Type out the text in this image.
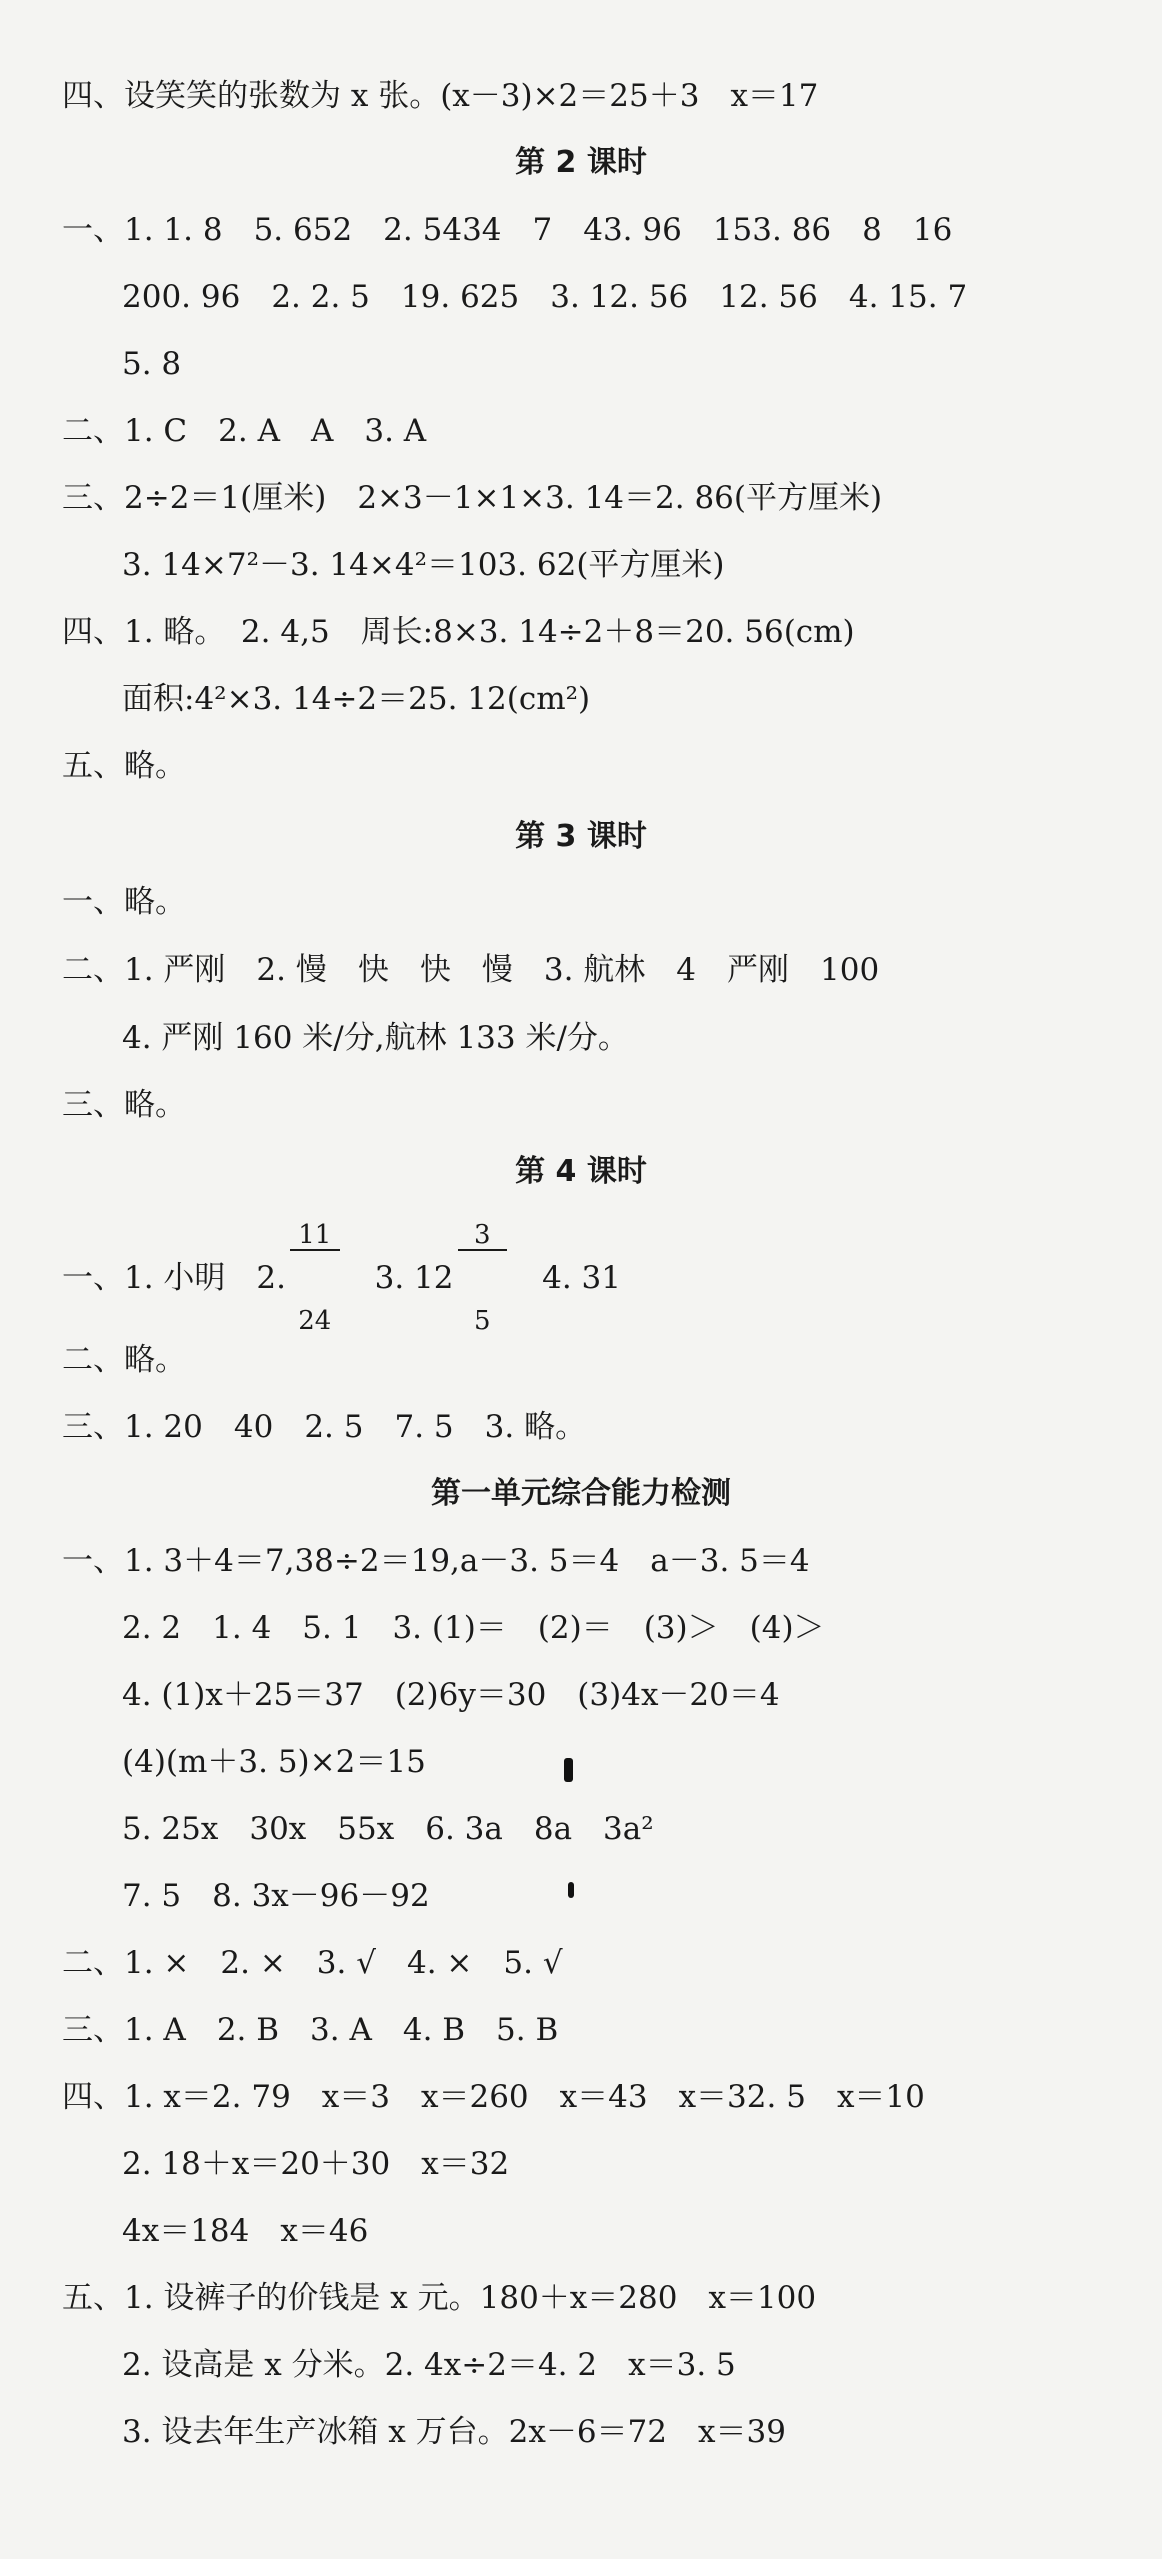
四、设笑笑的张数为 x 张。(x－3)×2＝25＋3　x＝17
第 2 课时
一、1. 1. 8　5. 652　2. 5434　7　43. 96　153. 86　8　16
200. 96　2. 2. 5　19. 625　3. 12. 56　12. 56　4. 15. 7
5. 8
二、1. C　2. A　A　3. A
三、2÷2＝1(厘米)　2×3－1×1×3. 14＝2. 86(平方厘米)
3. 14×7²－3. 14×4²＝103. 62(平方厘米)
四、1. 略。　2. 4,5　周长:8×3. 14÷2＋8＝20. 56(cm)
面积:4²×3. 14÷2＝25. 12(cm²)
五、略。
第 3 课时
一、略。
二、1. 严刚　2. 慢　快　快　慢　3. 航林　4　严刚　100
4. 严刚 160 米/分,航林 133 米/分。
三、略。
第 4 课时
一、1. 小明　2.

$\frac{11}{24}$

　3. 12

$\frac{3}{5}$

　4. 31
二、略。
三、1. 20　40　2. 5　7. 5　3. 略。
第一单元综合能力检测
一、1. 3＋4＝7,38÷2＝19,a－3. 5＝4　a－3. 5＝4
2. 2　1. 4　5. 1　3. (1)＝　(2)＝　(3)＞　(4)＞
4. (1)x＋25＝37　(2)6y＝30　(3)4x－20＝4
(4)(m＋3. 5)×2＝15
5. 25x　30x　55x　6. 3a　8a　3a²
7. 5　8. 3x－96－92
二、1. ×　2. ×　3. √　4. ×　5. √
三、1. A　2. B　3. A　4. B　5. B
四、1. x＝2. 79　x＝3　x＝260　x＝43　x＝32. 5　x＝10
2. 18＋x＝20＋30　x＝32
4x＝184　x＝46
五、1. 设裤子的价钱是 x 元。180＋x＝280　x＝100
2. 设高是 x 分米。2. 4x÷2＝4. 2　x＝3. 5
3. 设去年生产冰箱 x 万台。2x－6＝72　x＝39
